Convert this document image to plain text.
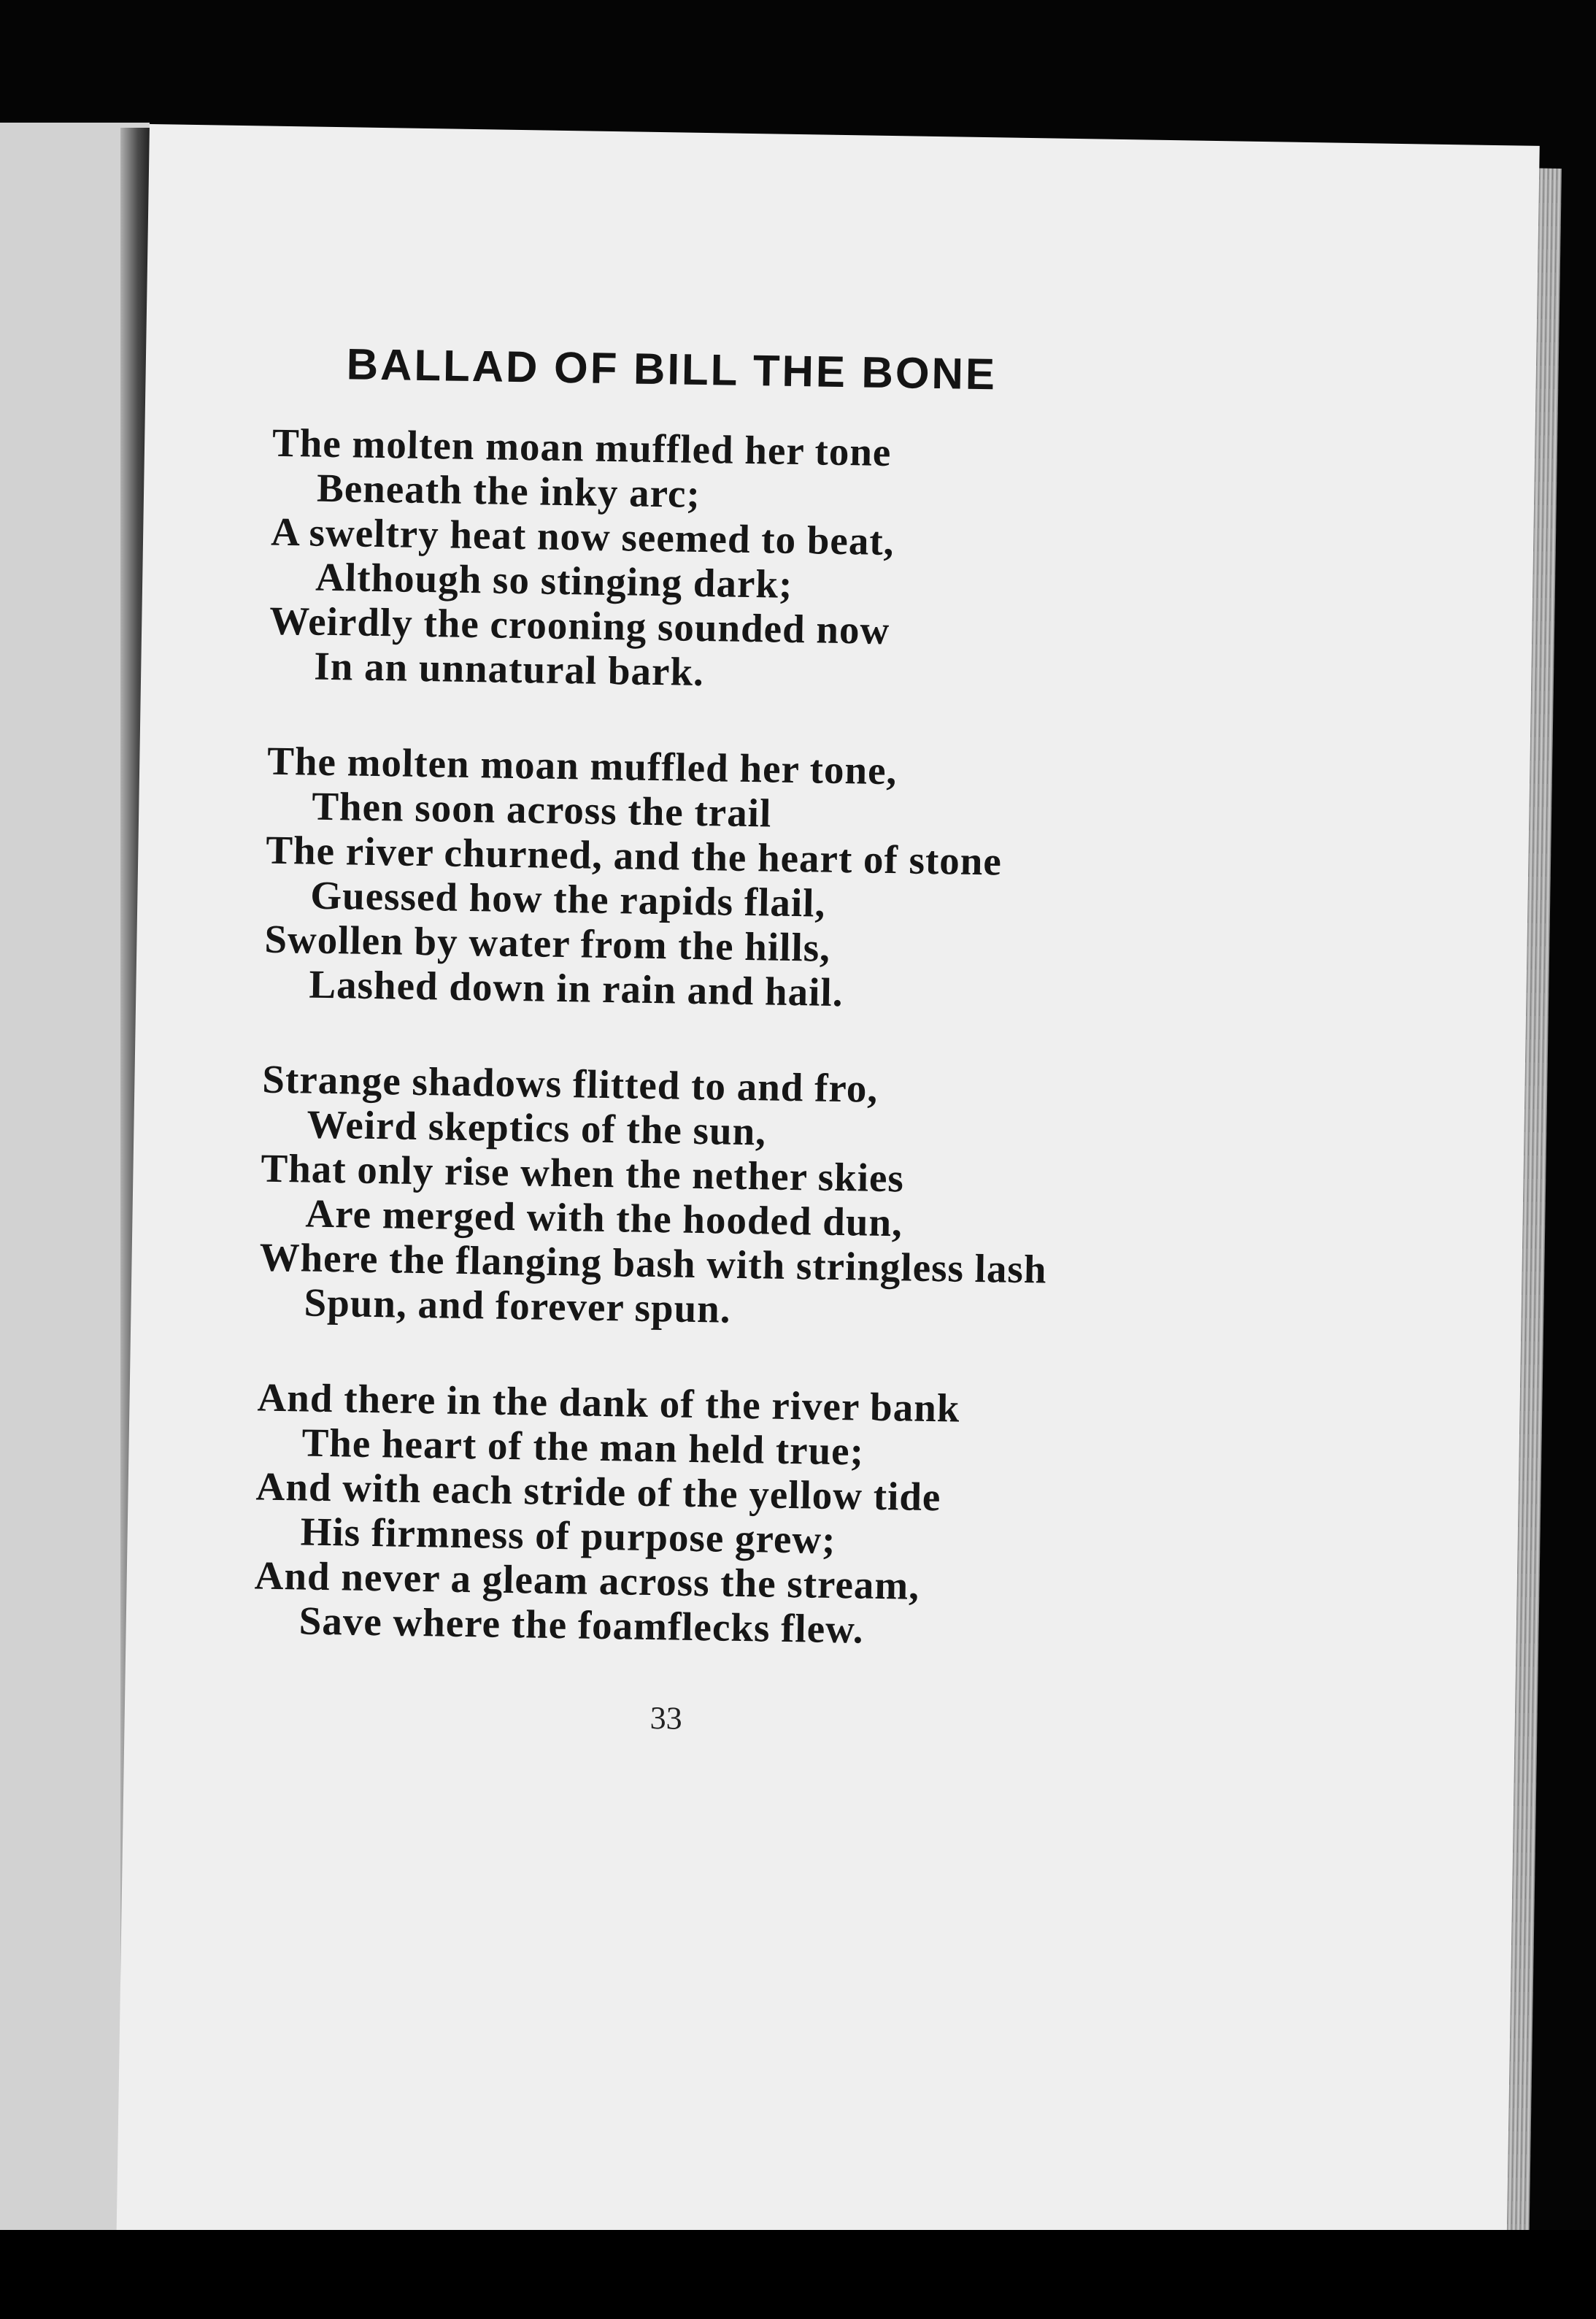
BALLAD OF BILL THE BONE
The molten moan muffled her tone
Beneath the inky arc;
A sweltry heat now seemed to beat,
Although so stinging dark;
Weirdly the crooning sounded now
In an unnatural bark.
The molten moan muffled her tone,
Then soon across the trail
The river churned, and the heart of stone
Guessed how the rapids flail,
Swollen by water from the hills,
Lashed down in rain and hail.
Strange shadows flitted to and fro,
Weird skeptics of the sun,
That only rise when the nether skies
Are merged with the hooded dun,
Where the flanging bash with stringless lash
Spun, and forever spun.
And there in the dank of the river bank
The heart of the man held true;
And with each stride of the yellow tide
His firmness of purpose grew;
And never a gleam across the stream,
Save where the foamflecks flew.
33
